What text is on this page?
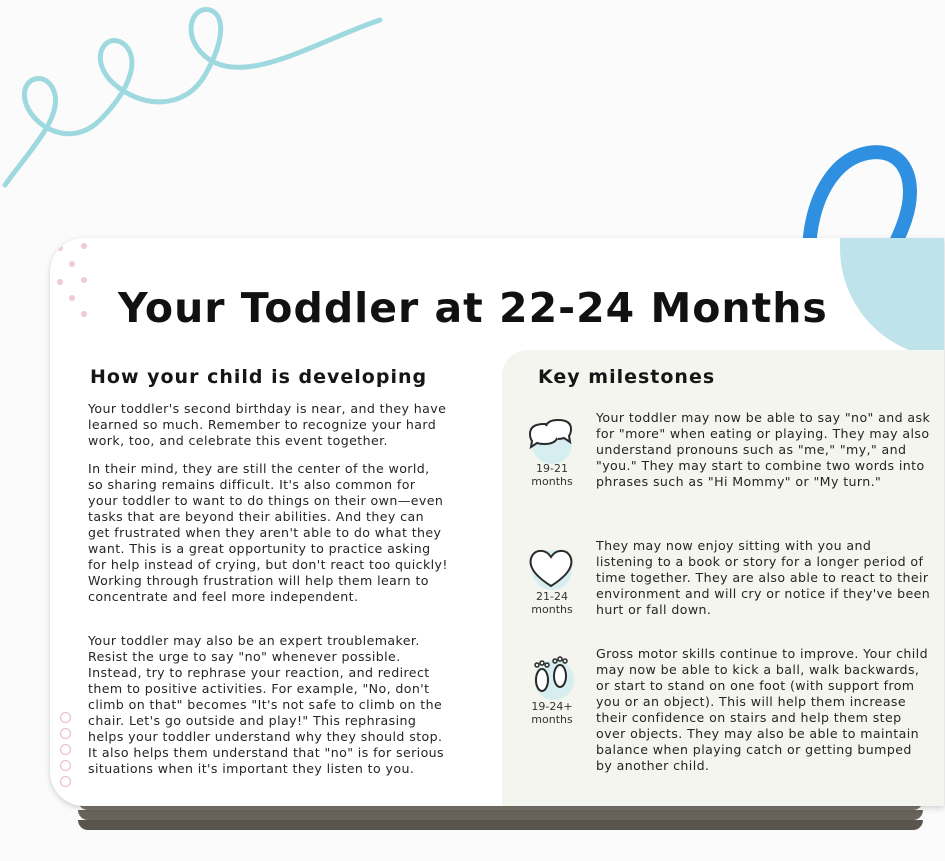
Your Toddler at 22-24 Months
How your child is developing

Your toddler's second birthday is near, and they have learned so much. Remember to recognize your hard work, too, and celebrate this event together.

In their mind, they are still the center of the world, so sharing remains difficult. It's also common for your toddler to want to do things on their own—even tasks that are beyond their abilities. And they can get frustrated when they aren't able to do what they want. This is a great opportunity to practice asking for help instead of crying, but don't react too quickly! Working through frustration will help them learn to concentrate and feel more independent.

Your toddler may also be an expert troublemaker. Resist the urge to say "no" whenever possible. Instead, try to rephrase your reaction, and redirect them to positive activities. For example, "No, don't climb on that" becomes "It's not safe to climb on the chair. Let's go outside and play!" This rephrasing helps your toddler understand why they should stop. It also helps them understand that "no" is for serious situations when it's important they listen to you.

Key milestones
19-21
months
Your toddler may now be able to say "no" and ask for "more" when eating or playing. They may also understand pronouns such as "me," "my," and "you." They may start to combine two words into phrases such as "Hi Mommy" or "My turn."
21-24
months
They may now enjoy sitting with you and listening to a book or story for a longer period of time together. They are also able to react to their environment and will cry or notice if they've been hurt or fall down.
19-24+
months
Gross motor skills continue to improve. Your child may now be able to kick a ball, walk backwards, or start to stand on one foot (with support from you or an object). This will help them increase their confidence on stairs and help them step over objects. They may also be able to maintain balance when playing catch or getting bumped by another child.
